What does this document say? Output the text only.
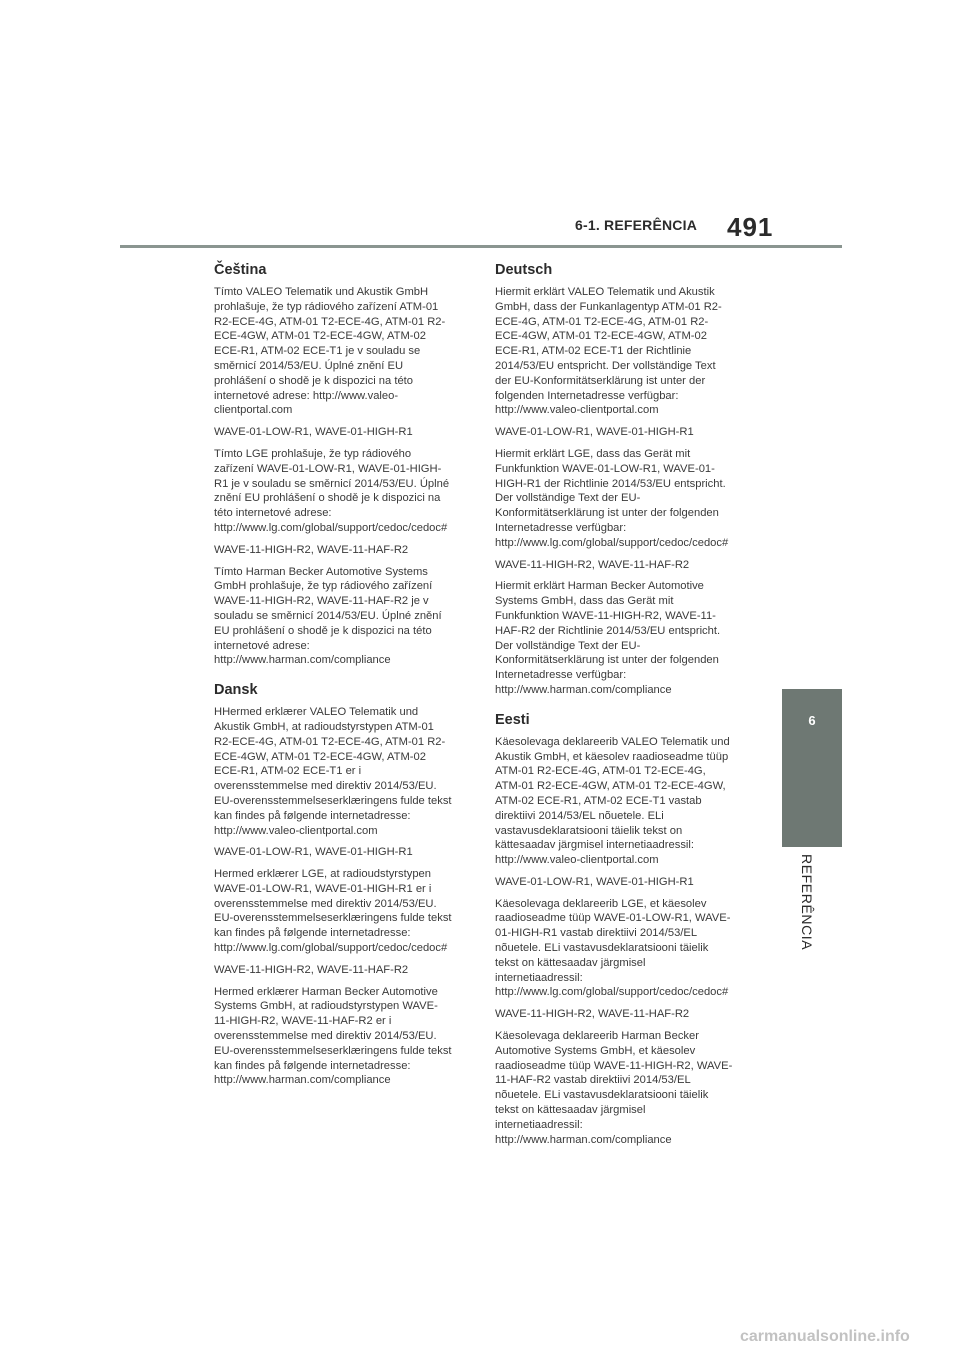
6-1. REFERÊNCIA 491
Čeština

Tímto VALEO Telematik und Akustik GmbH prohlašuje, že typ rádiového zařízení ATM-01 R2-ECE-4G, ATM-01 T2-ECE-4G, ATM-01 R2-ECE-4GW, ATM-01 T2-ECE-4GW, ATM-02 ECE-R1, ATM-02 ECE-T1 je v souladu se směrnicí 2014/53/EU. Úplné znění EU prohlášení o shodě je k dispozici na této internetové adrese: http://www.valeo-clientportal.com

WAVE-01-LOW-R1, WAVE-01-HIGH-R1

Tímto LGE prohlašuje, že typ rádiového zařízení WAVE-01-LOW-R1, WAVE-01-HIGH-R1 je v souladu se směrnicí 2014/53/EU. Úplné znění EU prohlášení o shodě je k dispozici na této internetové adrese: http://www.lg.com/global/support/cedoc/cedoc#

WAVE-11-HIGH-R2, WAVE-11-HAF-R2

Tímto Harman Becker Automotive Systems GmbH prohlašuje, že typ rádiového zařízení WAVE-11-HIGH-R2, WAVE-11-HAF-R2 je v souladu se směrnicí 2014/53/EU. Úplné znění EU prohlášení o shodě je k dispozici na této internetové adrese: http://www.harman.com/compliance

Dansk

HHermed erklærer VALEO Telematik und Akustik GmbH, at radioudstyrstypen ATM-01 R2-ECE-4G, ATM-01 T2-ECE-4G, ATM-01 R2-ECE-4GW, ATM-01 T2-ECE-4GW, ATM-02 ECE-R1, ATM-02 ECE-T1 er i overensstemmelse med direktiv 2014/53/EU. EU-overensstemmelseserklæringens fulde tekst kan findes på følgende internetadresse: http://www.valeo-clientportal.com

WAVE-01-LOW-R1, WAVE-01-HIGH-R1

Hermed erklærer LGE, at radioudstyrstypen WAVE-01-LOW-R1, WAVE-01-HIGH-R1 er i overensstemmelse med direktiv 2014/53/EU. EU-overensstemmelseserklæringens fulde tekst kan findes på følgende internetadresse: http://www.lg.com/global/support/cedoc/cedoc#

WAVE-11-HIGH-R2, WAVE-11-HAF-R2

Hermed erklærer Harman Becker Automotive Systems GmbH, at radioudstyrstypen WAVE-11-HIGH-R2, WAVE-11-HAF-R2 er i overensstemmelse med direktiv 2014/53/EU. EU-overensstemmelseserklæringens fulde tekst kan findes på følgende internetadresse: http://www.harman.com/compliance

Deutsch

Hiermit erklärt VALEO Telematik und Akustik GmbH, dass der Funkanlagentyp ATM-01 R2-ECE-4G, ATM-01 T2-ECE-4G, ATM-01 R2-ECE-4GW, ATM-01 T2-ECE-4GW, ATM-02 ECE-R1, ATM-02 ECE-T1 der Richtlinie 2014/53/EU entspricht. Der vollständige Text der EU-Konformitätserklärung ist unter der folgenden Internetadresse verfügbar: http://www.valeo-clientportal.com

WAVE-01-LOW-R1, WAVE-01-HIGH-R1

Hiermit erklärt LGE, dass das Gerät mit Funkfunktion WAVE-01-LOW-R1, WAVE-01-HIGH-R1 der Richtlinie 2014/53/EU entspricht. Der vollständige Text der EU-Konformitätserklärung ist unter der folgenden Internetadresse verfügbar: http://www.lg.com/global/support/cedoc/cedoc#

WAVE-11-HIGH-R2, WAVE-11-HAF-R2

Hiermit erklärt Harman Becker Automotive Systems GmbH, dass das Gerät mit Funkfunktion WAVE-11-HIGH-R2, WAVE-11-HAF-R2 der Richtlinie 2014/53/EU entspricht. Der vollständige Text der EU-Konformitätserklärung ist unter der folgenden Internetadresse verfügbar: http://www.harman.com/compliance

Eesti

Käesolevaga deklareerib VALEO Telematik und Akustik GmbH, et käesolev raadioseadme tüüp ATM-01 R2-ECE-4G, ATM-01 T2-ECE-4G, ATM-01 R2-ECE-4GW, ATM-01 T2-ECE-4GW, ATM-02 ECE-R1, ATM-02 ECE-T1 vastab direktiivi 2014/53/EL nõuetele. ELi vastavusdeklaratsiooni täielik tekst on kättesaadav järgmisel internetiaadressil: http://www.valeo-clientportal.com

WAVE-01-LOW-R1, WAVE-01-HIGH-R1

Käesolevaga deklareerib LGE, et käesolev raadioseadme tüüp WAVE-01-LOW-R1, WAVE-01-HIGH-R1 vastab direktiivi 2014/53/EL nõuetele. ELi vastavusdeklaratsiooni täielik tekst on kättesaadav järgmisel internetiaadressil: http://www.lg.com/global/support/cedoc/cedoc#

WAVE-11-HIGH-R2, WAVE-11-HAF-R2

Käesolevaga deklareerib Harman Becker Automotive Systems GmbH, et käesolev raadioseadme tüüp WAVE-11-HIGH-R2, WAVE-11-HAF-R2 vastab direktiivi 2014/53/EL nõuetele. ELi vastavusdeklaratsiooni täielik tekst on kättesaadav järgmisel internetiaadressil: http://www.harman.com/compliance

6
REFERÊNCIA
carmanualsonline.info
